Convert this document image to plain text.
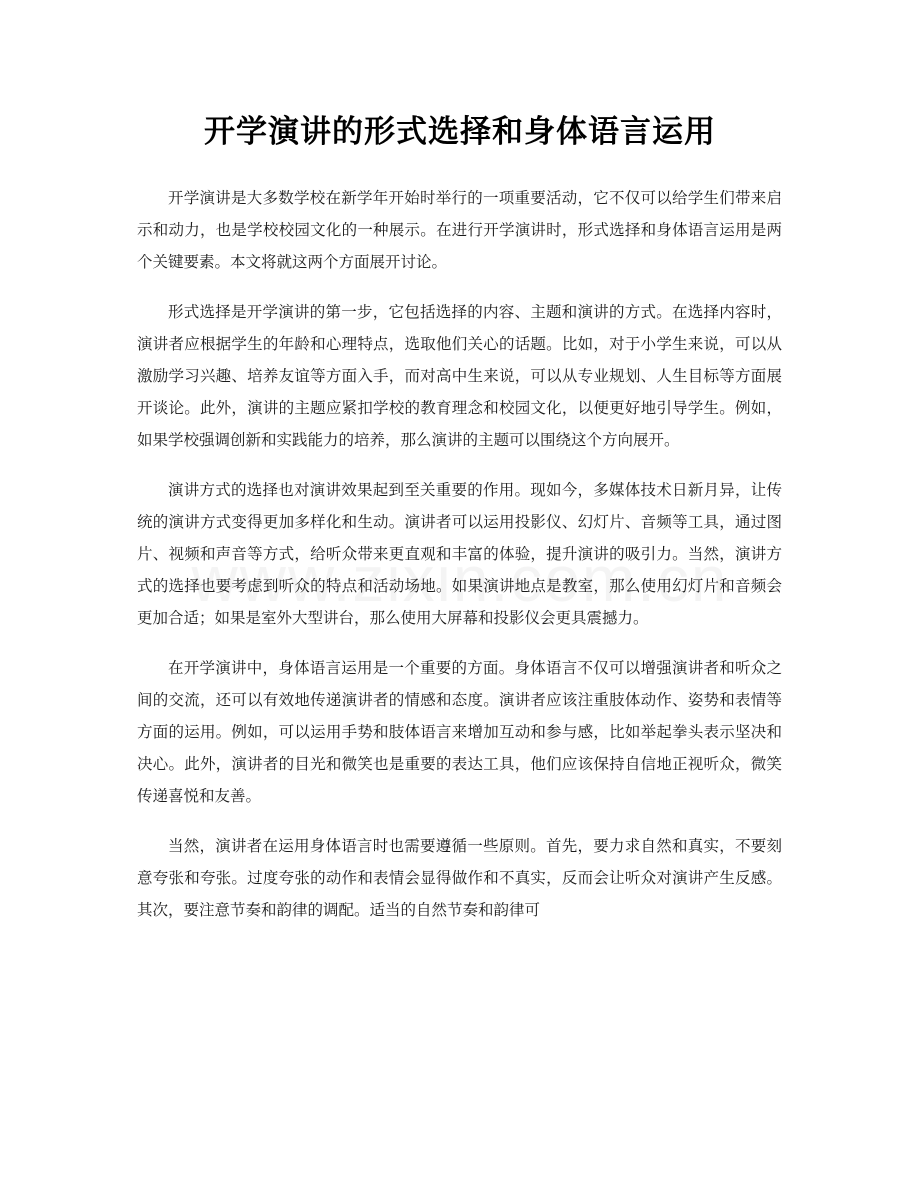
开学演讲的形式选择和身体语言运用

开学演讲是大多数学校在新学年开始时举行的一项重要活动，它不仅可以给学生们带来启示和动力，也是学校校园文化的一种展示。在进行开学演讲时，形式选择和身体语言运用是两个关键要素。本文将就这两个方面展开讨论。

形式选择是开学演讲的第一步，它包括选择的内容、主题和演讲的方式。在选择内容时，演讲者应根据学生的年龄和心理特点，选取他们关心的话题。比如，对于小学生来说，可以从激励学习兴趣、培养友谊等方面入手，而对高中生来说，可以从专业规划、人生目标等方面展开谈论。此外，演讲的主题应紧扣学校的教育理念和校园文化，以便更好地引导学生。例如，如果学校强调创新和实践能力的培养，那么演讲的主题可以围绕这个方向展开。

演讲方式的选择也对演讲效果起到至关重要的作用。现如今，多媒体技术日新月异，让传统的演讲方式变得更加多样化和生动。演讲者可以运用投影仪、幻灯片、音频等工具，通过图片、视频和声音等方式，给听众带来更直观和丰富的体验，提升演讲的吸引力。当然，演讲方式的选择也要考虑到听众的特点和活动场地。如果演讲地点是教室，那么使用幻灯片和音频会更加合适；如果是室外大型讲台，那么使用大屏幕和投影仪会更具震撼力。

在开学演讲中，身体语言运用是一个重要的方面。身体语言不仅可以增强演讲者和听众之间的交流，还可以有效地传递演讲者的情感和态度。演讲者应该注重肢体动作、姿势和表情等方面的运用。例如，可以运用手势和肢体语言来增加互动和参与感，比如举起拳头表示坚决和决心。此外，演讲者的目光和微笑也是重要的表达工具，他们应该保持自信地正视听众，微笑传递喜悦和友善。

当然，演讲者在运用身体语言时也需要遵循一些原则。首先，要力求自然和真实，不要刻意夸张和夸张。过度夸张的动作和表情会显得做作和不真实，反而会让听众对演讲产生反感。其次，要注意节奏和韵律的调配。适当的自然节奏和韵律可
